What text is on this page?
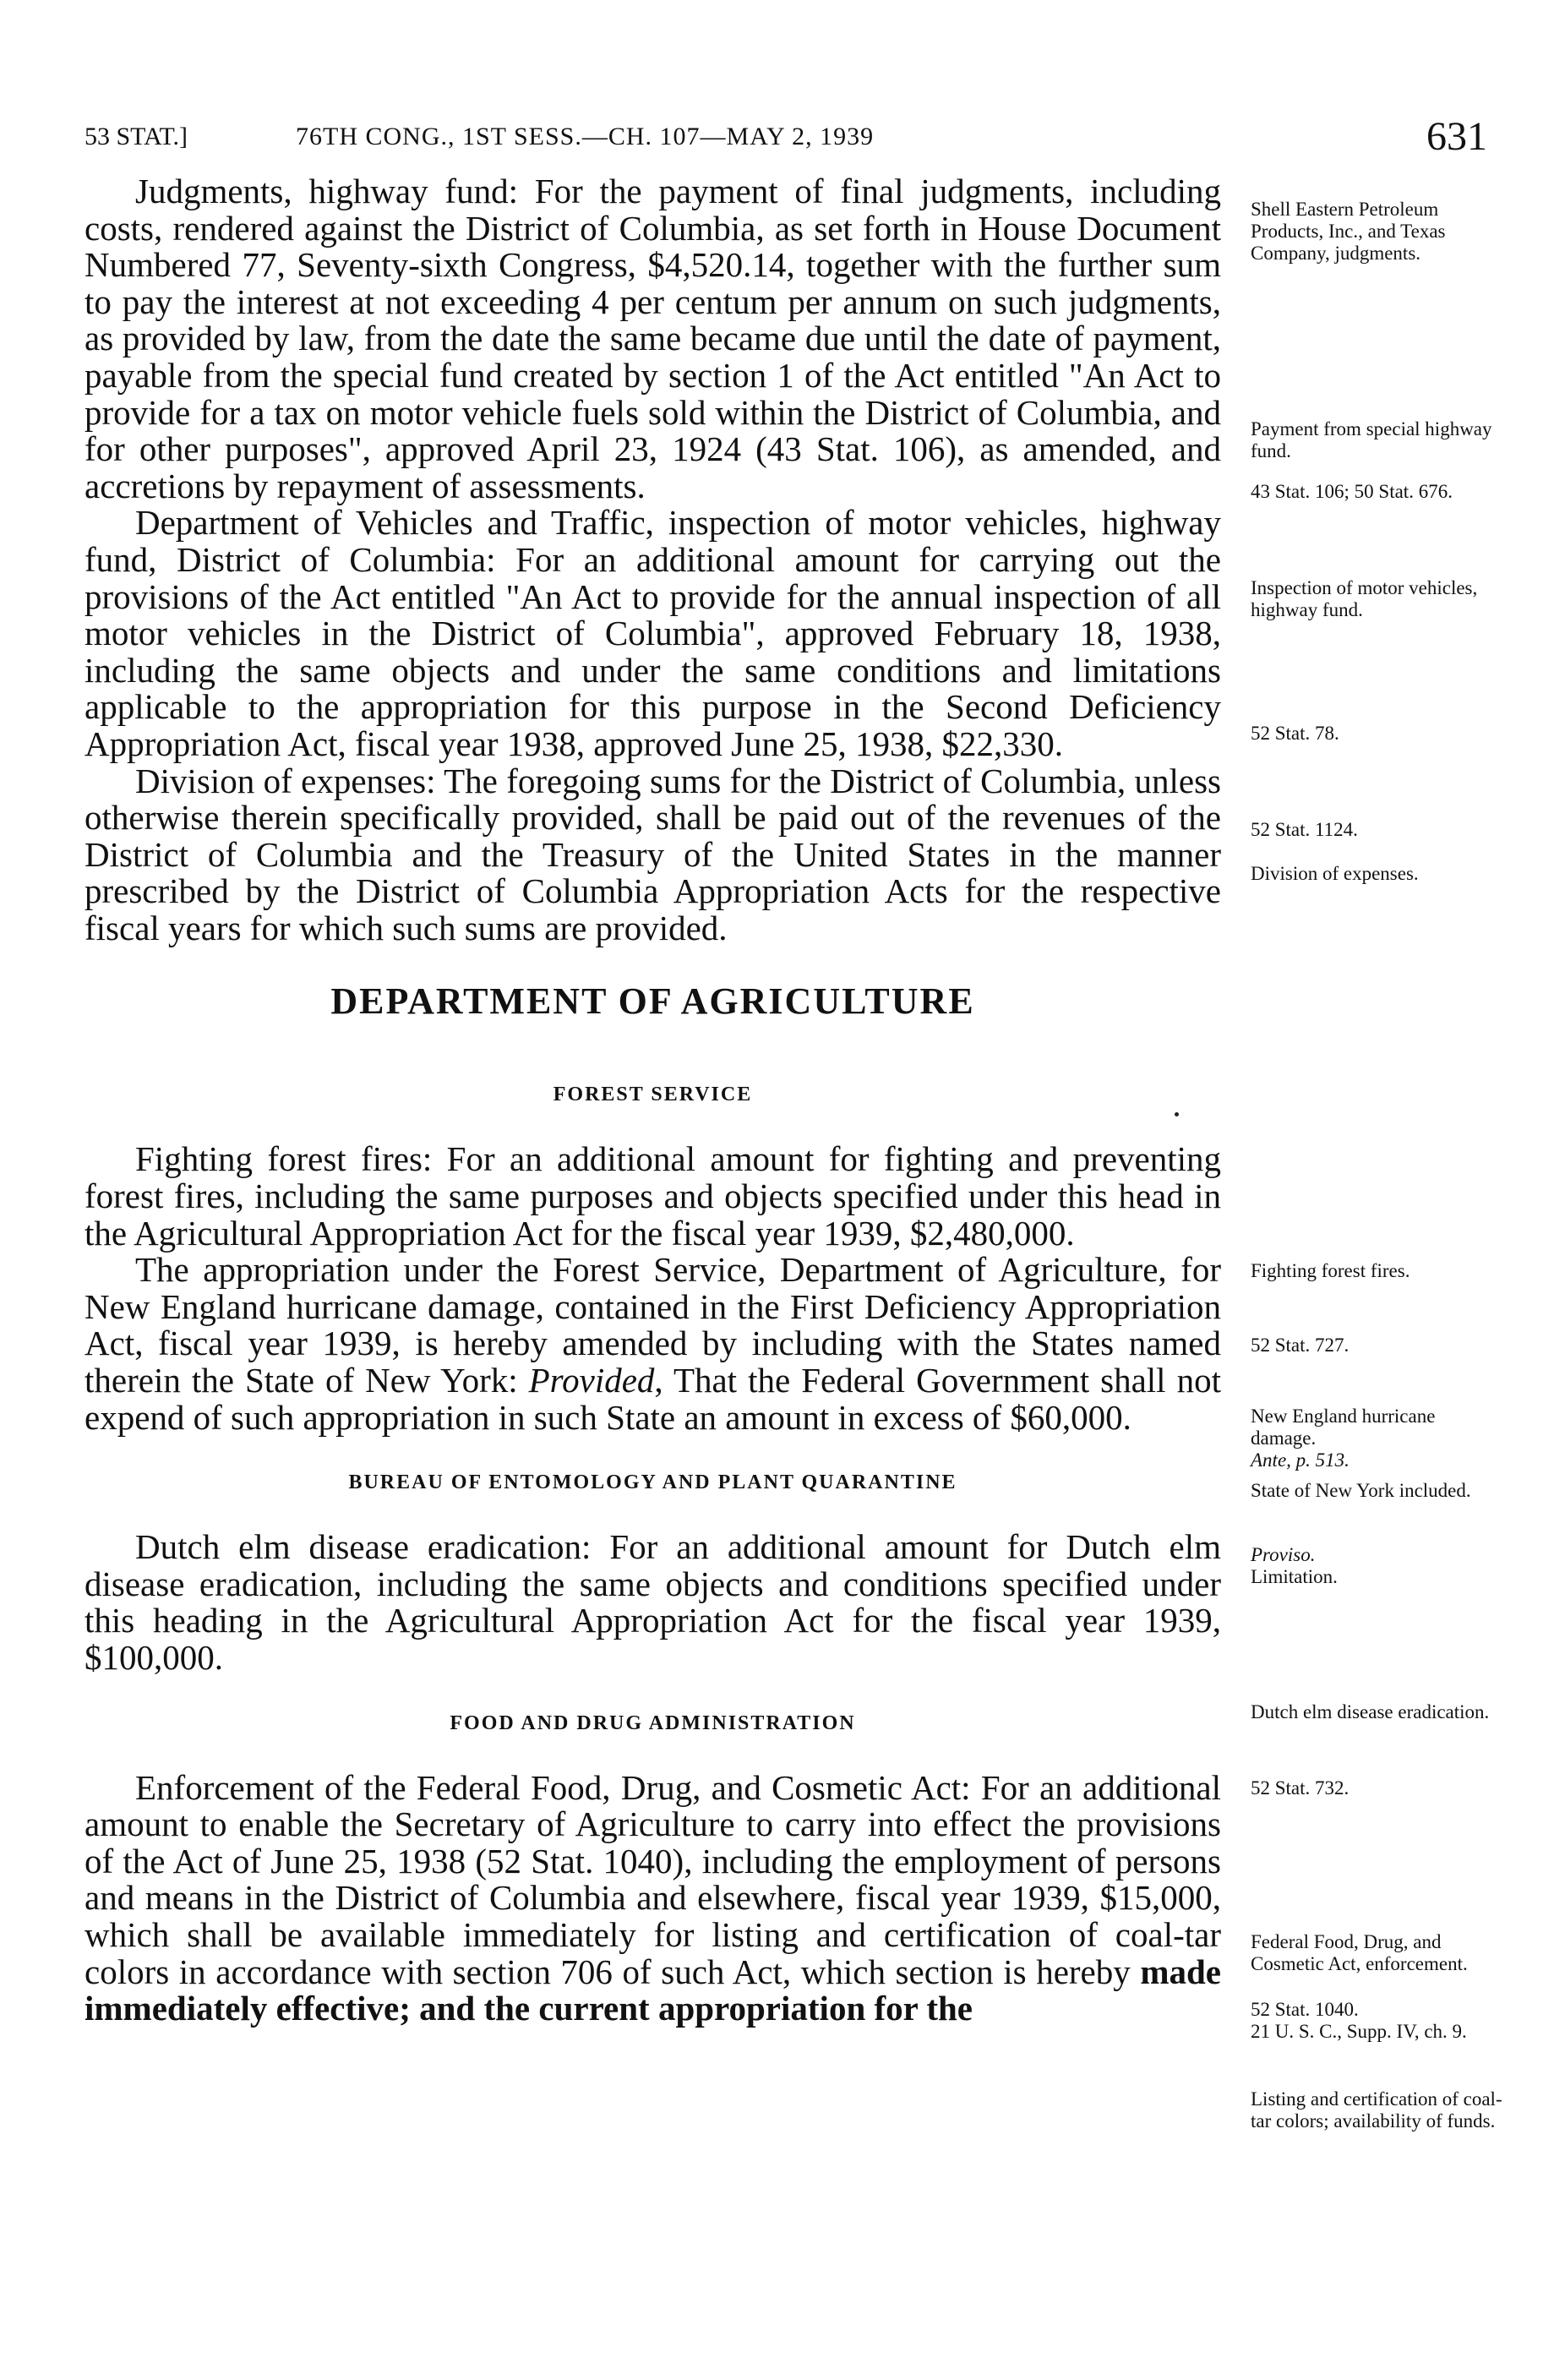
53 STAT.]	76TH CONG., 1ST SESS.—CH. 107—MAY 2, 1939	631

Judgments, highway fund: For the payment of final judgments, including costs, rendered against the District of Columbia, as set forth in House Document Numbered 77, Seventy-sixth Congress, $4,520.14, together with the further sum to pay the interest at not exceeding 4 per centum per annum on such judgments, as provided by law, from the date the same became due until the date of payment, payable from the special fund created by section 1 of the Act entitled "An Act to provide for a tax on motor vehicle fuels sold within the District of Columbia, and for other purposes", approved April 23, 1924 (43 Stat. 106), as amended, and accretions by repayment of assessments.

Department of Vehicles and Traffic, inspection of motor vehicles, highway fund, District of Columbia: For an additional amount for carrying out the provisions of the Act entitled "An Act to provide for the annual inspection of all motor vehicles in the District of Columbia", approved February 18, 1938, including the same objects and under the same conditions and limitations applicable to the appropriation for this purpose in the Second Deficiency Appropriation Act, fiscal year 1938, approved June 25, 1938, $22,330.

Division of expenses: The foregoing sums for the District of Columbia, unless otherwise therein specifically provided, shall be paid out of the revenues of the District of Columbia and the Treasury of the United States in the manner prescribed by the District of Columbia Appropriation Acts for the respective fiscal years for which such sums are provided.

DEPARTMENT OF AGRICULTURE
FOREST SERVICE

Fighting forest fires: For an additional amount for fighting and preventing forest fires, including the same purposes and objects specified under this head in the Agricultural Appropriation Act for the fiscal year 1939, $2,480,000.

The appropriation under the Forest Service, Department of Agriculture, for New England hurricane damage, contained in the First Deficiency Appropriation Act, fiscal year 1939, is hereby amended by including with the States named therein the State of New York: Provided, That the Federal Government shall not expend of such appropriation in such State an amount in excess of $60,000.

BUREAU OF ENTOMOLOGY AND PLANT QUARANTINE

Dutch elm disease eradication: For an additional amount for Dutch elm disease eradication, including the same objects and conditions specified under this heading in the Agricultural Appropriation Act for the fiscal year 1939, $100,000.

FOOD AND DRUG ADMINISTRATION

Enforcement of the Federal Food, Drug, and Cosmetic Act: For an additional amount to enable the Secretary of Agriculture to carry into effect the provisions of the Act of June 25, 1938 (52 Stat. 1040), including the employment of persons and means in the District of Columbia and elsewhere, fiscal year 1939, $15,000, which shall be available immediately for listing and certification of coal-tar colors in accordance with section 706 of such Act, which section is hereby made immediately effective; and the current appropriation for the

Shell Eastern Petroleum Products, Inc., and Texas Company, judgments.

Payment from special highway fund.

43 Stat. 106; 50 Stat. 676.

Inspection of motor vehicles, highway fund.

52 Stat. 78.

52 Stat. 1124.

Division of expenses.

Fighting forest fires.

52 Stat. 727.

New England hurricane damage.

Ante, p. 513.

State of New York included.

Proviso.

Limitation.

Dutch elm disease eradication.

52 Stat. 732.

Federal Food, Drug, and Cosmetic Act, enforcement.

52 Stat. 1040.

21 U. S. C., Supp. IV, ch. 9.

Listing and certification of coal-tar colors; availability of funds.
